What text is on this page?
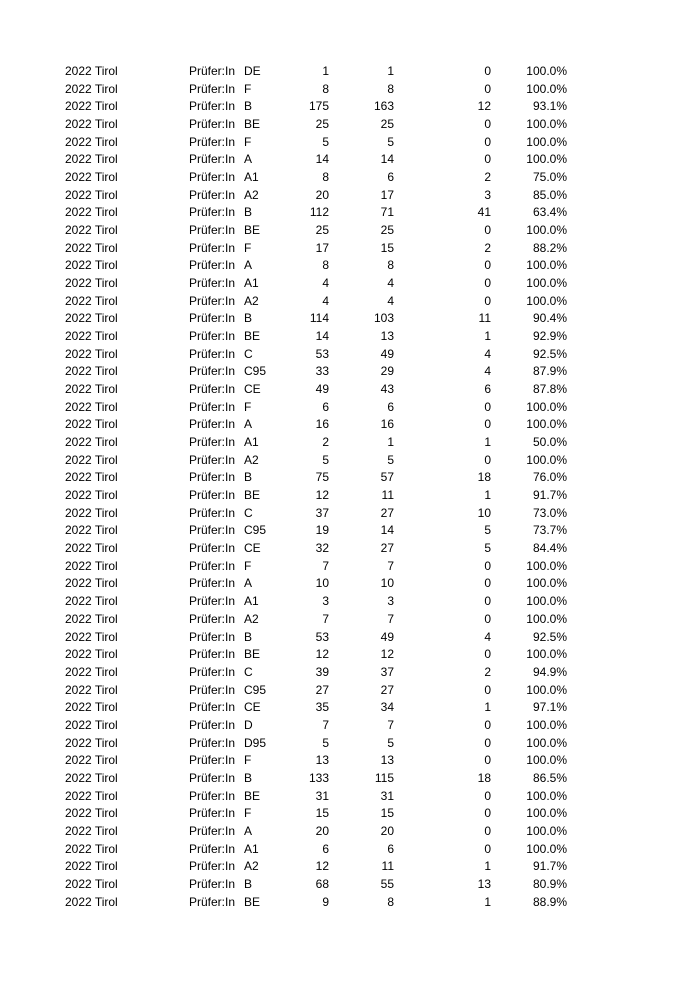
2022 Tirol	Prüfer:In DE	1	1	0	100.0%
2022 Tirol	Prüfer:In F	8	8	0	100.0%
2022 Tirol	Prüfer:In B	175	163	12	93.1%
2022 Tirol	Prüfer:In BE	25	25	0	100.0%
2022 Tirol	Prüfer:In F	5	5	0	100.0%
2022 Tirol	Prüfer:In A	14	14	0	100.0%
2022 Tirol	Prüfer:In A1	8	6	2	75.0%
2022 Tirol	Prüfer:In A2	20	17	3	85.0%
2022 Tirol	Prüfer:In B	112	71	41	63.4%
2022 Tirol	Prüfer:In BE	25	25	0	100.0%
2022 Tirol	Prüfer:In F	17	15	2	88.2%
2022 Tirol	Prüfer:In A	8	8	0	100.0%
2022 Tirol	Prüfer:In A1	4	4	0	100.0%
2022 Tirol	Prüfer:In A2	4	4	0	100.0%
2022 Tirol	Prüfer:In B	114	103	11	90.4%
2022 Tirol	Prüfer:In BE	14	13	1	92.9%
2022 Tirol	Prüfer:In C	53	49	4	92.5%
2022 Tirol	Prüfer:In C95	33	29	4	87.9%
2022 Tirol	Prüfer:In CE	49	43	6	87.8%
2022 Tirol	Prüfer:In F	6	6	0	100.0%
2022 Tirol	Prüfer:In A	16	16	0	100.0%
2022 Tirol	Prüfer:In A1	2	1	1	50.0%
2022 Tirol	Prüfer:In A2	5	5	0	100.0%
2022 Tirol	Prüfer:In B	75	57	18	76.0%
2022 Tirol	Prüfer:In BE	12	11	1	91.7%
2022 Tirol	Prüfer:In C	37	27	10	73.0%
2022 Tirol	Prüfer:In C95	19	14	5	73.7%
2022 Tirol	Prüfer:In CE	32	27	5	84.4%
2022 Tirol	Prüfer:In F	7	7	0	100.0%
2022 Tirol	Prüfer:In A	10	10	0	100.0%
2022 Tirol	Prüfer:In A1	3	3	0	100.0%
2022 Tirol	Prüfer:In A2	7	7	0	100.0%
2022 Tirol	Prüfer:In B	53	49	4	92.5%
2022 Tirol	Prüfer:In BE	12	12	0	100.0%
2022 Tirol	Prüfer:In C	39	37	2	94.9%
2022 Tirol	Prüfer:In C95	27	27	0	100.0%
2022 Tirol	Prüfer:In CE	35	34	1	97.1%
2022 Tirol	Prüfer:In D	7	7	0	100.0%
2022 Tirol	Prüfer:In D95	5	5	0	100.0%
2022 Tirol	Prüfer:In F	13	13	0	100.0%
2022 Tirol	Prüfer:In B	133	115	18	86.5%
2022 Tirol	Prüfer:In BE	31	31	0	100.0%
2022 Tirol	Prüfer:In F	15	15	0	100.0%
2022 Tirol	Prüfer:In A	20	20	0	100.0%
2022 Tirol	Prüfer:In A1	6	6	0	100.0%
2022 Tirol	Prüfer:In A2	12	11	1	91.7%
2022 Tirol	Prüfer:In B	68	55	13	80.9%
2022 Tirol	Prüfer:In BE	9	8	1	88.9%
